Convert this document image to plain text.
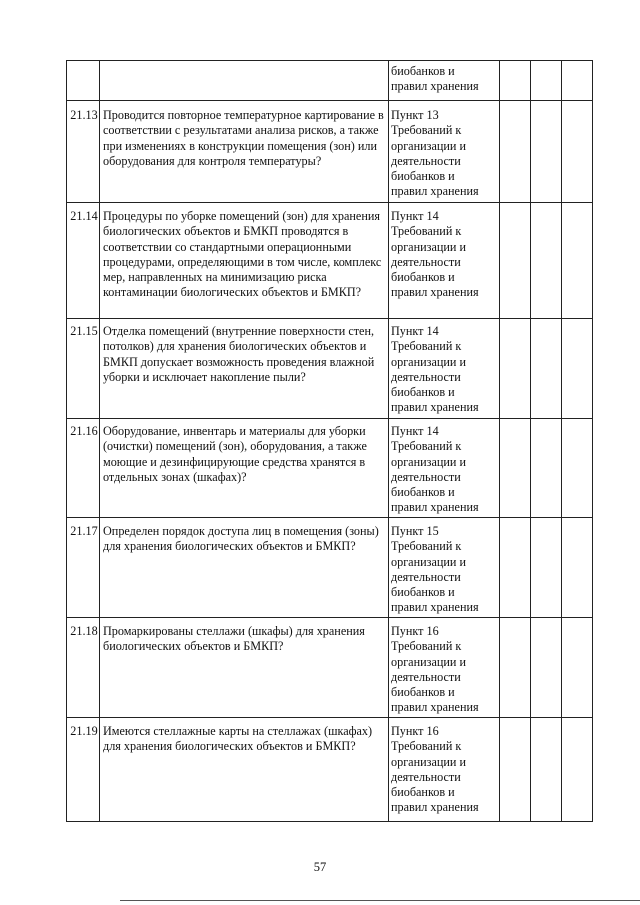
биобанков и
правил хранения
21.13 Проводится повторное температурное картирование в соответствии с результатами анализа рисков, а также при изменениях в конструкции помещения (зон) или оборудования для контроля температуры?
Пункт 13
Требований к
организации и
деятельности
биобанков и
правил хранения
21.14 Процедуры по уборке помещений (зон) для хранения биологических объектов и БМКП проводятся в соответствии со стандартными операционными процедурами, определяющими в том числе, комплекс мер, направленных на минимизацию риска контаминации биологических объектов и БМКП?
Пункт 14
Требований к
организации и
деятельности
биобанков и
правил хранения
21.15 Отделка помещений (внутренние поверхности стен, потолков) для хранения биологических объектов и БМКП допускает возможность проведения влажной уборки и исключает накопление пыли?
Пункт 14
Требований к
организации и
деятельности
биобанков и
правил хранения
21.16 Оборудование, инвентарь и материалы для уборки (очистки) помещений (зон), оборудования, а также моющие и дезинфицирующие средства хранятся в отдельных зонах (шкафах)?
Пункт 14
Требований к
организации и
деятельности
биобанков и
правил хранения
21.17 Определен порядок доступа лиц в помещения (зоны) для хранения биологических объектов и БМКП?
Пункт 15
Требований к
организации и
деятельности
биобанков и
правил хранения
21.18 Промаркированы стеллажи (шкафы) для хранения биологических объектов и БМКП?
Пункт 16
Требований к
организации и
деятельности
биобанков и
правил хранения
21.19 Имеются стеллажные карты на стеллажах (шкафах) для хранения биологических объектов и БМКП?
Пункт 16
Требований к
организации и
деятельности
биобанков и
правил хранения
57
